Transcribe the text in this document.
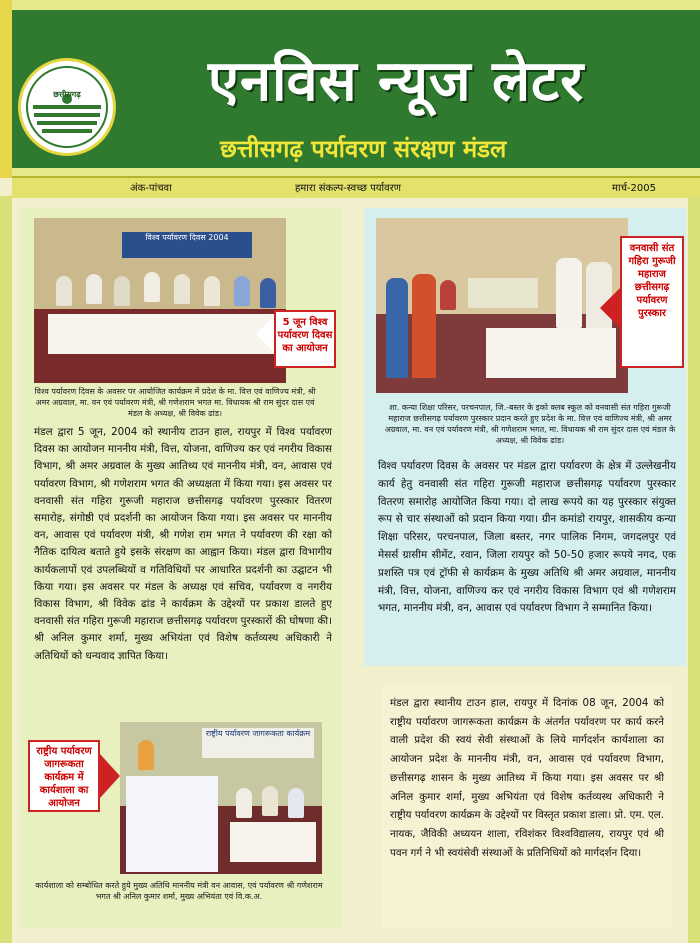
छत्तीसगढ़	एनविस न्यूज लेटर
छत्तीसगढ़ पर्यावरण संरक्षण मंडल
अंक-पांचवा	हमारा संकल्प-स्वच्छ पर्यावरण	मार्च-2005
विश्व पर्यावरण दिवस 2004
5 जून विश्व पर्यावरण दिवस का आयोजन
विश्व पर्यावरण दिवस के अवसर पर आयोजित कार्यक्रम में प्रदेश के मा. वित्त एवं वाणिज्य मंत्री, श्री अमर अग्रवाल, मा. वन एवं पर्यावरण मंत्री, श्री गणेशराम भगत मा. विधायक श्री राम सुंदर दास एवं मंडल के अध्यक्ष, श्री विवेक ढांड।
मंडल द्वारा 5 जून, 2004 को स्थानीय टाउन हाल, रायपुर में विश्व पर्यावरण दिवस का आयोजन माननीय मंत्री, वित्त, योजना, वाणिज्य कर एवं नगरीय विकास विभाग, श्री अमर अग्रवाल के मुख्य आतिथ्य एवं माननीय मंत्री, वन, आवास एवं पर्यावरण विभाग, श्री गणेशराम भगत की अध्यक्षता में किया गया। इस अवसर पर वनवासी संत गहिरा गुरूजी महाराज छत्तीसगढ़ पर्यावरण पुरस्कार वितरण समारोह, संगोष्ठी एवं प्रदर्शनी का आयोजन किया गया। इस अवसर पर माननीय वन, आवास एवं पर्यावरण मंत्री, श्री गणेश राम भगत ने पर्यावरण की रक्षा को नैतिक दायित्व बताते हुये इसके संरक्षण का आह्वान किया। मंडल द्वारा विभागीय कार्यकलापों एवं उपलब्धियों व गतिविधियों पर आधारित प्रदर्शनी का उद्घाटन भी किया गया। इस अवसर पर मंडल के अध्यक्ष एवं सचिव, पर्यावरण व नगरीय विकास विभाग, श्री विवेक ढांड ने कार्यक्रम के उद्देश्यों पर प्रकाश डालते हुए वनवासी संत गहिरा गुरूजी महाराज छत्तीसगढ़ पर्यावरण पुरस्कारों की घोषणा की। श्री अनिल कुमार शर्मा, मुख्य अभियंता एवं विशेष कर्तव्यस्थ अधिकारी ने अतिथियों को धन्यवाद ज्ञापित किया।
राष्ट्रीय पर्यावरण जागरूकता कार्यक्रम
राष्ट्रीय पर्यावरण जागरूकता कार्यक्रम में कार्यशाला का आयोजन
कार्यशाला को सम्बोधित करते हुये मुख्य अतिथि माननीय मंत्री वन आवास, एवं पर्यावरण श्री गणेशराम भगत श्री अनिल कुमार शर्मा, मुख्य अभियंता एवं वि.क.अ.
वनवासी संत गहिरा गुरूजी महाराज छत्तीसगढ़ पर्यावरण पुरस्कार
शा. कन्या शिक्षा परिसर, परचनपाल, जि.-बस्तर के इको क्लब स्कूल को वनवासी संत गहिरा गुरूजी महाराज छत्तीसगढ़ पर्यावरण पुरस्कार प्रदान करते हुए प्रदेश के मा. वित्त एवं वाणिज्य मंत्री, श्री अमर अग्रवाल, मा. वन एवं पर्यावरण मंत्री, श्री गणेशराम भगत, मा. विधायक श्री राम सुंदर दास एवं मंडल के अध्यक्ष, श्री विवेक ढांड।
विश्व पर्यावरण दिवस के अवसर पर मंडल द्वारा पर्यावरण के क्षेत्र में उल्लेखनीय कार्य हेतु वनवासी संत गहिरा गुरूजी महाराज छत्तीसगढ़ पर्यावरण पुरस्कार वितरण समारोह आयोजित किया गया। दो लाख रूपये का यह पुरस्कार संयुक्त रूप से चार संस्थाओं को प्रदान किया गया। ग्रीन कमांडो रायपुर, शासकीय कन्या शिक्षा परिसर, परचनपाल, जिला बस्तर, नगर पालिक निगम, जगदलपुर एवं मेसर्स ग्रासीम सीमेंट, रवान, जिला रायपुर को 50-50 हजार रूपये नगद, एक प्रशस्ति पत्र एवं ट्रॉफी से कार्यक्रम के मुख्य अतिथि श्री अमर अग्रवाल, माननीय मंत्री, वित्त, योजना, वाणिज्य कर एवं नगरीय विकास विभाग एवं श्री गणेशराम भगत, माननीय मंत्री, वन, आवास एवं पर्यावरण विभाग ने सम्मानित किया।
मंडल द्वारा स्थानीय टाउन हाल, रायपुर में दिनांक 08 जून, 2004 को राष्ट्रीय पर्यावरण जागरूकता कार्यक्रम के अंतर्गत पर्यावरण पर कार्य करने वाली प्रदेश की स्वयं सेवी संस्थाओं के लिये मार्गदर्शन कार्यशाला का आयोजन प्रदेश के माननीय मंत्री, वन, आवास एवं पर्यावरण विभाग, छत्तीसगढ़ शासन के मुख्य आतिथ्य में किया गया। इस अवसर पर श्री अनिल कुमार शर्मा, मुख्य अभियंता एवं विशेष कर्तव्यस्थ अधिकारी ने राष्ट्रीय पर्यावरण कार्यक्रम के उद्देश्यों पर विस्तृत प्रकाश डाला। प्रो. एम. एल. नायक, जैविकी अध्ययन शाला, रविशंकर विश्वविद्यालय, रायपुर एवं श्री पवन गर्ग ने भी स्वयंसेवी संस्थाओं के प्रतिनिधियों को मार्गदर्शन दिया।
